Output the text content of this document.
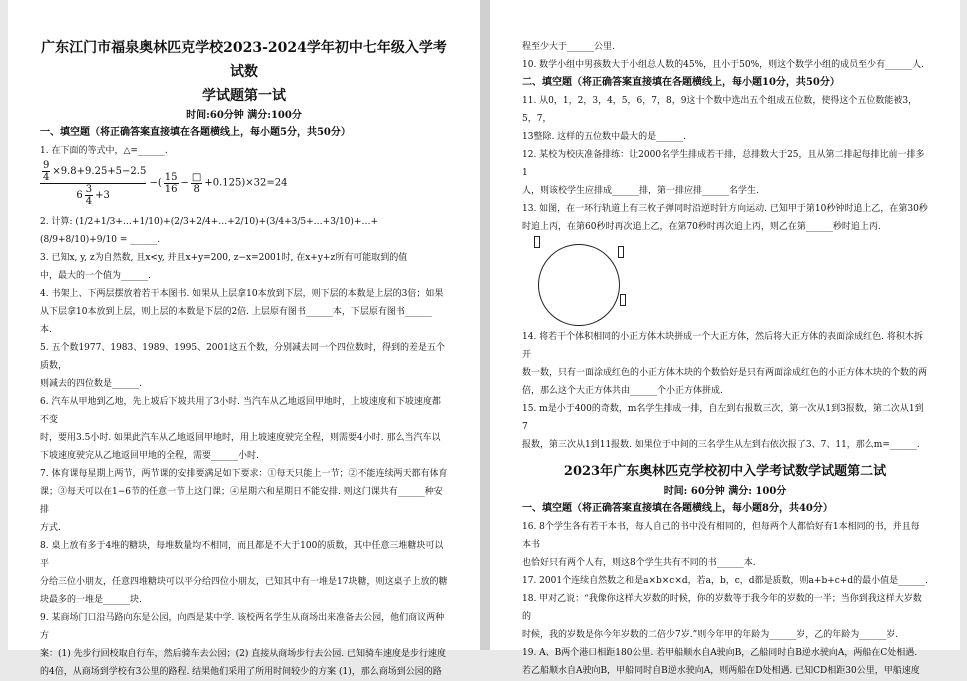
广东江门市福泉奥林匹克学校2023-2024学年初中七年级入学考试数
学试题第一试
时间:60分钟 满分:100分
一、填空题（将正确答案直接填在各题横线上，每小题5分，共50分）

1. 在下面的等式中，△=______.

$\frac{\frac{9}{4} \times 9.8+9.25+5-2.5}{6 \frac{3}{4} +3}$ −( $\frac{15}{16} - \frac{□}{8} +0.125)\times 32=24$

2. 计算: (1/2+1/3+…+1/10)+(2/3+2/4+…+2/10)+(3/4+3/5+…+3/10)+…+(8/9+8/10)+9/10 = ______.

3. 已知x, y, z为自然数, 且x<y, 并且x+y=200, z−x=2001时, 在x+y+z所有可能取到的值

中，最大的一个值为______.

4. 书架上、下两层摆放着若干本图书. 如果从上层拿10本放到下层，则下层的本数是上层的3倍；如果

从下层拿10本放到上层，则上层的本数是下层的2倍. 上层原有图书______本，下层原有图书______

本.

5. 五个数1977、1983、1989、1995、2001这五个数，分别减去同一个四位数时，得到的差是五个质数，

则减去的四位数是______.

6. 汽车从甲地到乙地，先上坡后下坡共用了3小时. 当汽车从乙地返回甲地时，上坡速度和下坡速度都不变

时，要用3.5小时. 如果此汽车从乙地返回甲地时，用上坡速度驶完全程，则需要4小时. 那么当汽车以

下坡速度驶完从乙地返回甲地的全程，需要______小时.

7. 体育课每星期上两节，两节课的安排要满足如下要求：①每天只能上一节；②不能连续两天都有体育

课；③每天可以在1−6节的任意一节上这门课；④星期六和星期日不能安排. 则这门课共有______种安排

方式.

8. 桌上放有多于4堆的糖块，每堆数量均不相同，而且都是不大于100的质数，其中任意三堆糖块可以平

分给三位小朋友，任意四堆糖块可以平分给四位小朋友，已知其中有一堆是17块糖，则这桌子上放的糖

块最多的一堆是______块.

9. 某商场门口沿马路向东是公园，向西是某中学. 该校两名学生从商场出来准备去公园，他们商议两种方

案：(1) 先步行回校取自行车，然后骑车去公园；(2) 直接从商场步行去公园. 已知骑车速度是步行速度

的4倍，从商场到学校有3公里的路程. 结果他们采用了所用时间较少的方案 (1)，那么商场到公园的路

程至少大于______公里.

10. 数学小组中男孩数大于小组总人数的45%，且小于50%，则这个数学小组的成员至少有______人.

二、填空题（将正确答案直接填在各题横线上，每小题10分，共50分）

11. 从0，1，2，3，4，5，6，7，8，9这十个数中选出五个组成五位数，使得这个五位数能被3，5，7，

13整除. 这样的五位数中最大的是______.

12. 某校为校庆准备排练：让2000名学生排成若干排，总排数大于25，且从第二排起每排比前一排多1

人，则该校学生应排成______排，第一排应排______名学生.

13. 如图，在一环行轨道上有三枚子弹同时沿逆时针方向运动. 已知甲于第10秒钟时追上乙，在第30秒

时追上丙，在第60秒时再次追上乙，在第70秒时再次追上丙，则乙在第______秒时追上丙.

14. 将若干个体积相同的小正方体木块拼成一个大正方体，然后将大正方体的表面涂成红色. 将积木拆开

数一数，只有一面涂成红色的小正方体木块的个数恰好是只有两面涂成红色的小正方体木块的个数的两

倍，那么这个大正方体共由______个小正方体拼成.

15. m是小于400的奇数，m名学生排成一排，自左到右报数三次，第一次从1到3报数，第二次从1到7

报数，第三次从1到11报数. 如果位于中间的三名学生从左到右依次报了3、7、11，那么m=______.

2023年广东奥林匹克学校初中入学考试数学试题第二试
时间: 60分钟 满分: 100分
一、填空题（将正确答案直接填在各题横线上，每小题8分，共40分）

16. 8个学生各有若干本书，每人自己的书中没有相同的，但每两个人都恰好有1本相同的书，并且每本书

也恰好只有两个人有，则这8个学生共有不同的书______本.

17. 2001个连续自然数之和是a×b×c×d，若a，b，c，d都是质数，则a+b+c+d的最小值是______.

18. 甲对乙说：“我像你这样大岁数的时候，你的岁数等于我今年的岁数的一半；当你到我这样大岁数的

时候，我的岁数是你今年岁数的二倍少7岁.”则今年甲的年龄为______岁，乙的年龄为______岁.

19. A、B两个港口相距180公里. 若甲船顺水自A驶向B，乙船同时自B逆水驶向A，两船在C处相遇.

若乙船顺水自A驶向B，甲船同时自B逆水驶向A，则两船在D处相遇. 已知CD相距30公里，甲船速度
